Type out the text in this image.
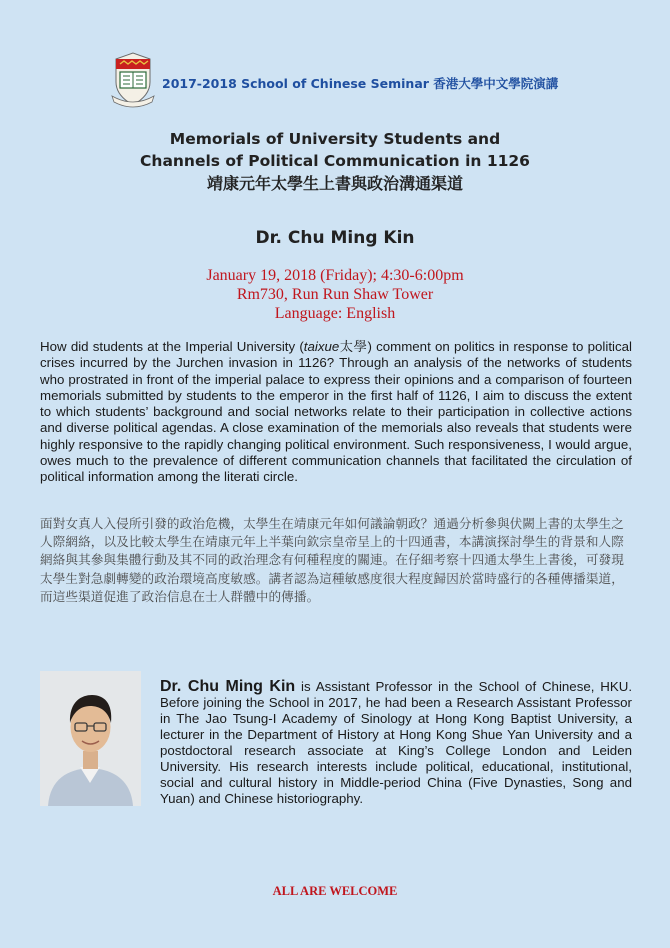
2017-2018 School of Chinese Seminar 香港大學中文學院演講
Memorials of University Students and
Channels of Political Communication in 1126
靖康元年太學生上書與政治溝通渠道
Dr. Chu Ming Kin
January 19, 2018 (Friday); 4:30-6:00pm
Rm730, Run Run Shaw Tower
Language: English

How did students at the Imperial University (taixue太學) comment on politics in response to political crises incurred by the Jurchen invasion in 1126? Through an analysis of the networks of students who prostrated in front of the imperial palace to express their opinions and a comparison of fourteen memorials submitted by students to the emperor in the first half of 1126, I aim to discuss the extent to which students’ background and social networks relate to their participation in collective actions and diverse political agendas. A close examination of the memorials also reveals that students were highly responsive to the rapidly changing political environment. Such responsiveness, I would argue, owes much to the prevalence of different communication channels that facilitated the circulation of political information among the literati circle.

面對女真人入侵所引發的政治危機，太學生在靖康元年如何議論朝政？通過分析參與伏闕上書的太學生之人際網絡，以及比較太學生在靖康元年上半葉向欽宗皇帝呈上的十四通書，本講演探討學生的背景和人際網絡與其參與集體行動及其不同的政治理念有何種程度的關連。在仔細考察十四通太學生上書後，可發現太學生對急劇轉變的政治環境高度敏感。講者認為這種敏感度很大程度歸因於當時盛行的各種傳播渠道，而這些渠道促進了政治信息在士人群體中的傳播。

Dr. Chu Ming Kin is Assistant Professor in the School of Chinese, HKU. Before joining the School in 2017, he had been a Research Assistant Professor in The Jao Tsung-I Academy of Sinology at Hong Kong Baptist University, a lecturer in the Department of History at Hong Kong Shue Yan University and a postdoctoral research associate at King’s College London and Leiden University. His research interests include political, educational, institutional, social and cultural history in Middle-period China (Five Dynasties, Song and Yuan) and Chinese historiography.

ALL ARE WELCOME
